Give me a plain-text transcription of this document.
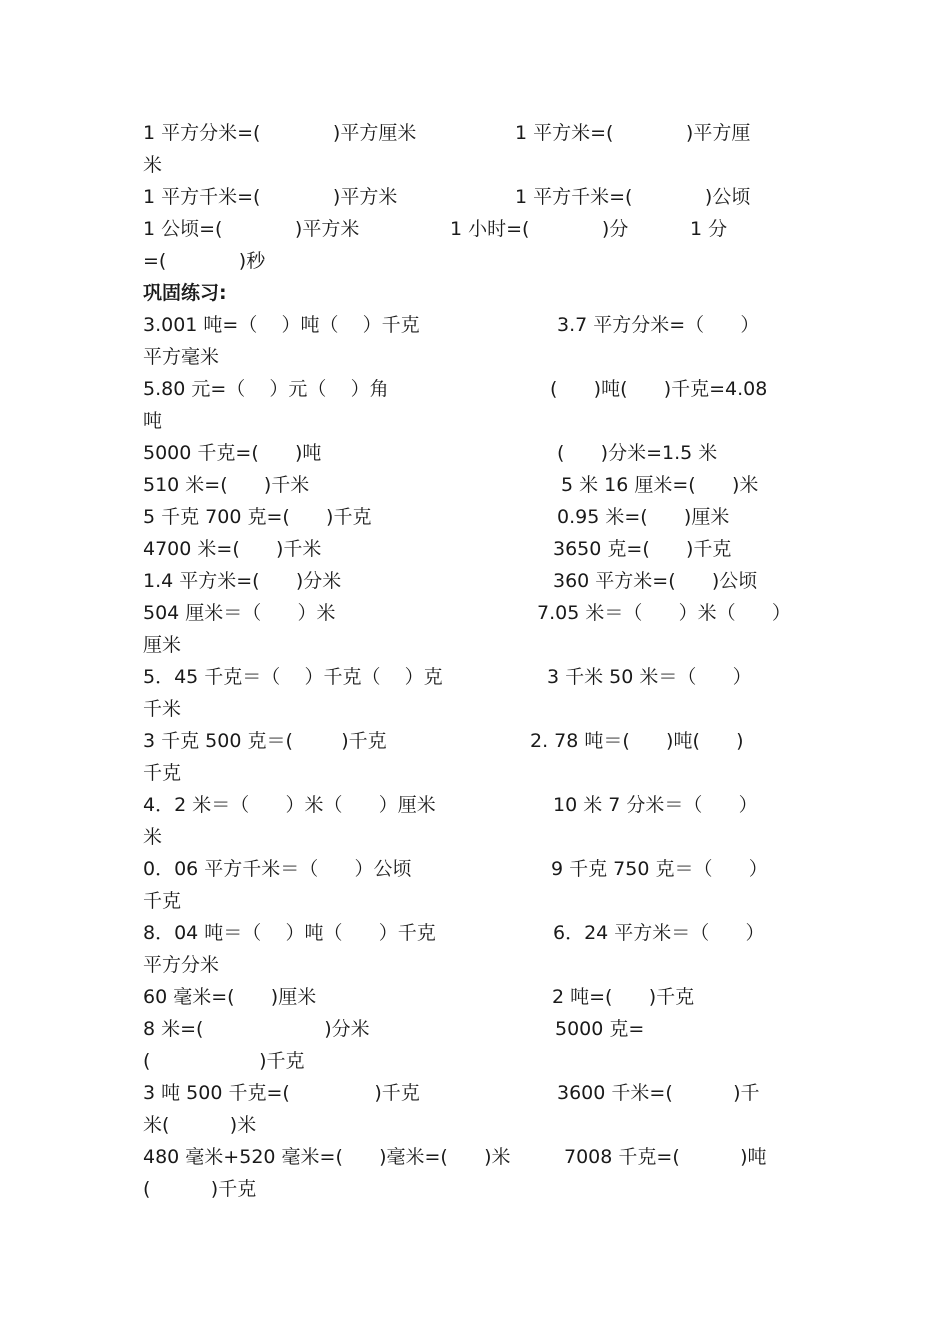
1 平方分米=(            )平方厘米	1 平方米=(            )平方厘
米
1 平方千米=(            )平方米	1 平方千米=(            )公顷
1 公顷=(            )平方米	1 小时=(            )分	1 分
=(            )秒
巩固练习:
3.001 吨=（    ）吨（    ）千克	3.7 平方分米=（      ）
平方毫米
5.80 元=（    ）元（    ）角	(      )吨(      )千克=4.08
吨
5000 千克=(      )吨	(      )分米=1.5 米
510 米=(      )千米	5 米 16 厘米=(      )米
5 千克 700 克=(      )千克	0.95 米=(      )厘米
4700 米=(      )千米	3650 克=(      )千克
1.4 平方米=(      )分米	360 平方米=(      )公顷
504 厘米＝（      ）米	7.05 米＝（      ）米（      ）
厘米
5．45 千克＝（    ）千克（    ）克	3 千米 50 米＝（      ）
千米
3 千克 500 克＝(        )千克	2. 78 吨＝(      )吨(      )
千克
4．2 米＝（      ）米（      ）厘米	10 米 7 分米＝（      ）
米
0．06 平方千米＝（      ）公顷	9 千克 750 克＝（      ）
千克
8．04 吨＝（    ）吨（      ）千克	6．24 平方米＝（      ）
平方分米
60 毫米=(      )厘米	2 吨=(      )千克
8 米=(                    )分米	5000 克=
(                  )千克
3 吨 500 千克=(              )千克	3600 千米=(          )千
米(          )米
480 毫米+520 毫米=(      )毫米=(      )米	7008 千克=(          )吨
(          )千克
